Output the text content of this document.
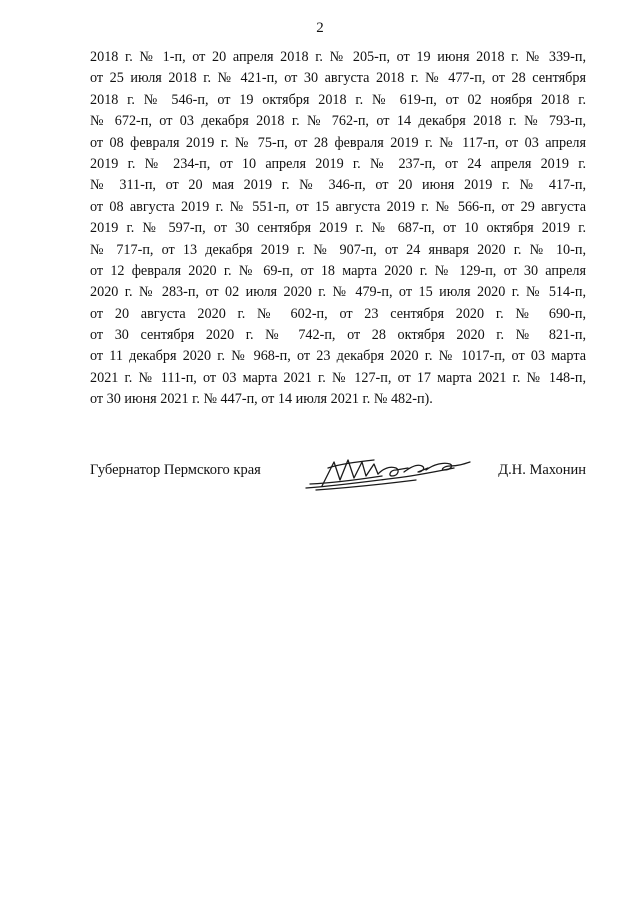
2
2018 г. № 1-п, от 20 апреля 2018 г. № 205-п, от 19 июня 2018 г. № 339-п,
от 25 июля 2018 г. № 421-п, от 30 августа 2018 г. № 477-п, от 28 сентября
2018 г. № 546-п, от 19 октября 2018 г. № 619-п, от 02 ноября 2018 г.
№ 672-п, от 03 декабря 2018 г. № 762-п, от 14 декабря 2018 г. № 793-п,
от 08 февраля 2019 г. № 75-п, от 28 февраля 2019 г. № 117-п, от 03 апреля
2019 г. № 234-п, от 10 апреля 2019 г. № 237-п, от 24 апреля 2019 г.
№ 311-п, от 20 мая 2019 г. № 346-п, от 20 июня 2019 г. № 417-п,
от 08 августа 2019 г. № 551-п, от 15 августа 2019 г. № 566-п, от 29 августа
2019 г. № 597-п, от 30 сентября 2019 г. № 687-п, от 10 октября 2019 г.
№ 717-п, от 13 декабря 2019 г. № 907-п, от 24 января 2020 г. № 10-п,
от 12 февраля 2020 г. № 69-п, от 18 марта 2020 г. № 129-п, от 30 апреля
2020 г. № 283-п, от 02 июля 2020 г. № 479-п, от 15 июля 2020 г. № 514-п,
от 20 августа 2020 г. № 602-п, от 23 сентября 2020 г. № 690-п,
от 30 сентября 2020 г. № 742-п, от 28 октября 2020 г. № 821-п,
от 11 декабря 2020 г. № 968-п, от 23 декабря 2020 г. № 1017-п, от 03 марта
2021 г. № 111-п, от 03 марта 2021 г. № 127-п, от 17 марта 2021 г. № 148-п,
от 30 июня 2021 г. № 447-п, от 14 июля 2021 г. № 482-п).
Губернатор Пермского края	Д.Н. Махонин
